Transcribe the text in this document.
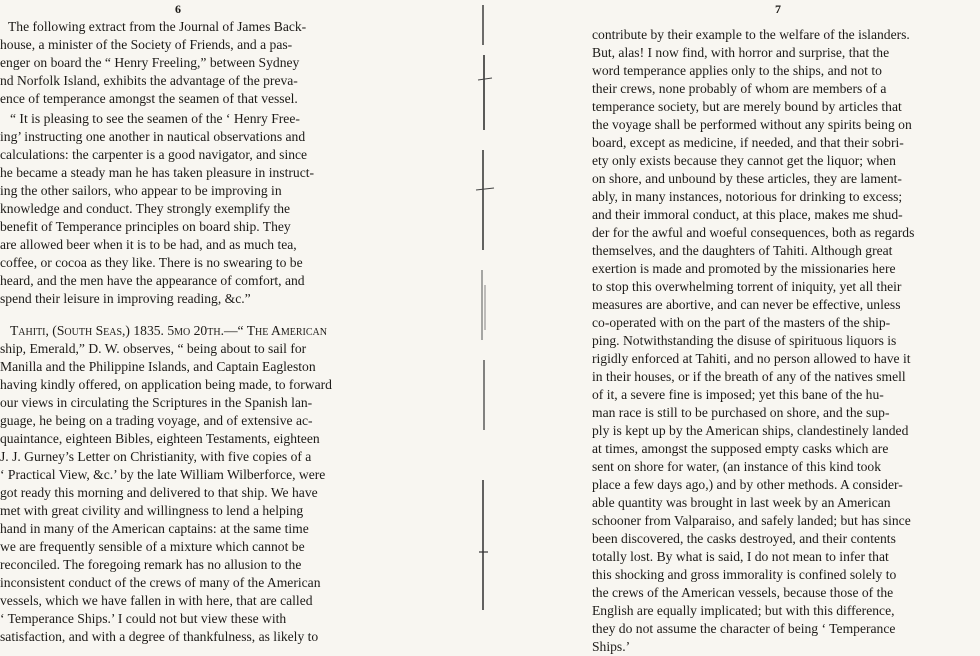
6
The following extract from the Journal of James Back-
house, a minister of the Society of Friends, and a pas-
enger on board the “ Henry Freeling,” between Sydney
nd Norfolk Island, exhibits the advantage of the preva-
ence of temperance amongst the seamen of that vessel.
“ It is pleasing to see the seamen of the ‘ Henry Free-
ing’ instructing one another in nautical observations and
calculations: the carpenter is a good navigator, and since
he became a steady man he has taken pleasure in instruct-
ing the other sailors, who appear to be improving in
knowledge and conduct. They strongly exemplify the
benefit of Temperance principles on board ship. They
are allowed beer when it is to be had, and as much tea,
coffee, or cocoa as they like. There is no swearing to be
heard, and the men have the appearance of comfort, and
spend their leisure in improving reading, &c.”
Tahiti, (South Seas,) 1835. 5mo 20th.—“ The American
ship, Emerald,” D. W. observes, “ being about to sail for
Manilla and the Philippine Islands, and Captain Eagleston
having kindly offered, on application being made, to forward
our views in circulating the Scriptures in the Spanish lan-
guage, he being on a trading voyage, and of extensive ac-
quaintance, eighteen Bibles, eighteen Testaments, eighteen
J. J. Gurney’s Letter on Christianity, with five copies of a
‘ Practical View, &c.’ by the late William Wilberforce, were
got ready this morning and delivered to that ship. We have
met with great civility and willingness to lend a helping
hand in many of the American captains: at the same time
we are frequently sensible of a mixture which cannot be
reconciled. The foregoing remark has no allusion to the
inconsistent conduct of the crews of many of the American
vessels, which we have fallen in with here, that are called
‘ Temperance Ships.’ I could not but view these with
satisfaction, and with a degree of thankfulness, as likely to
7
contribute by their example to the welfare of the islanders.
But, alas! I now find, with horror and surprise, that the
word temperance applies only to the ships, and not to
their crews, none probably of whom are members of a
temperance society, but are merely bound by articles that
the voyage shall be performed without any spirits being on
board, except as medicine, if needed, and that their sobri-
ety only exists because they cannot get the liquor; when
on shore, and unbound by these articles, they are lament-
ably, in many instances, notorious for drinking to excess;
and their immoral conduct, at this place, makes me shud-
der for the awful and woeful consequences, both as regards
themselves, and the daughters of Tahiti. Although great
exertion is made and promoted by the missionaries here
to stop this overwhelming torrent of iniquity, yet all their
measures are abortive, and can never be effective, unless
co-operated with on the part of the masters of the ship-
ping. Notwithstanding the disuse of spirituous liquors is
rigidly enforced at Tahiti, and no person allowed to have it
in their houses, or if the breath of any of the natives smell
of it, a severe fine is imposed; yet this bane of the hu-
man race is still to be purchased on shore, and the sup-
ply is kept up by the American ships, clandestinely landed
at times, amongst the supposed empty casks which are
sent on shore for water, (an instance of this kind took
place a few days ago,) and by other methods. A consider-
able quantity was brought in last week by an American
schooner from Valparaiso, and safely landed; but has since
been discovered, the casks destroyed, and their contents
totally lost. By what is said, I do not mean to infer that
this shocking and gross immorality is confined solely to
the crews of the American vessels, because those of the
English are equally implicated; but with this difference,
they do not assume the character of being ‘ Temperance
Ships.’
